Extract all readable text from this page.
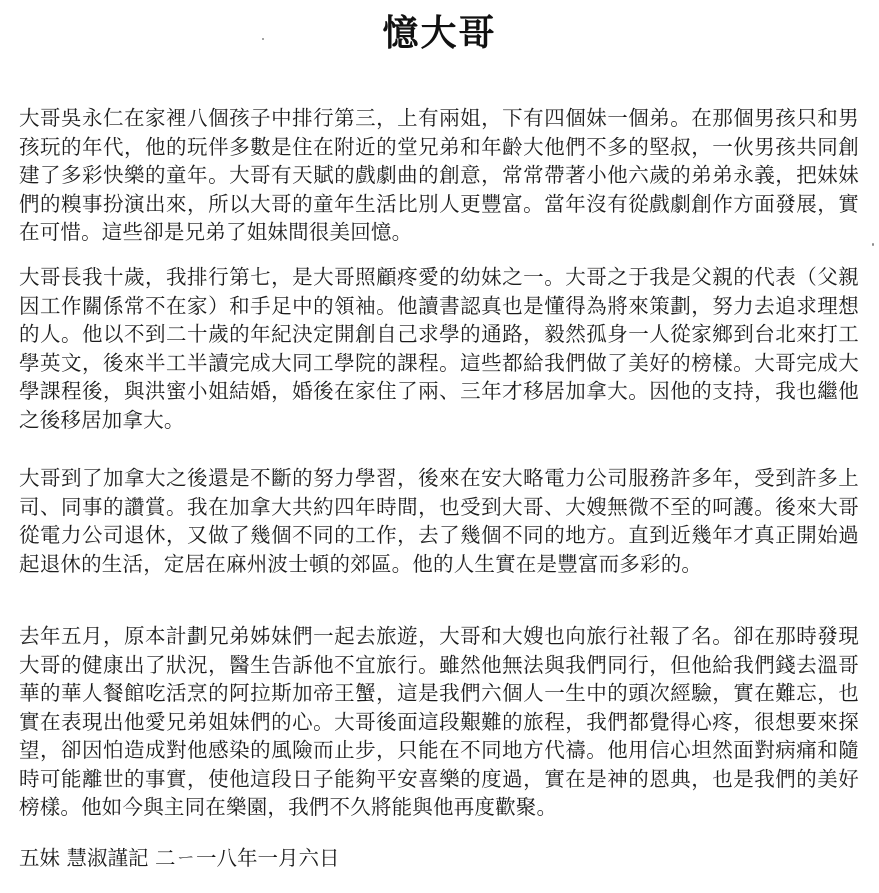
憶大哥
大哥吳永仁在家裡八個孩子中排行第三，上有兩姐，下有四個妹一個弟。在那個男孩只和男孩玩的年代，他的玩伴多數是住在附近的堂兄弟和年齡大他們不多的堅叔，一伙男孩共同創建了多彩快樂的童年。大哥有天賦的戲劇曲的創意，常常帶著小他六歲的弟弟永義，把妹妹們的糗事扮演出來，所以大哥的童年生活比別人更豐富。當年沒有從戲劇創作方面發展，實在可惜。這些卻是兄弟了姐妹間很美回憶。
大哥長我十歲，我排行第七，是大哥照顧疼愛的幼妹之一。大哥之于我是父親的代表（父親因工作關係常不在家）和手足中的領袖。他讀書認真也是懂得為將來策劃，努力去追求理想的人。他以不到二十歲的年紀決定開創自己求學的通路，毅然孤身一人從家鄉到台北來打工學英文，後來半工半讀完成大同工學院的課程。這些都給我們做了美好的榜樣。大哥完成大學課程後，與洪蜜小姐結婚，婚後在家住了兩、三年才移居加拿大。因他的支持，我也繼他之後移居加拿大。
大哥到了加拿大之後還是不斷的努力學習，後來在安大略電力公司服務許多年，受到許多上司、同事的讚賞。我在加拿大共約四年時間，也受到大哥、大嫂無微不至的呵護。後來大哥從電力公司退休，又做了幾個不同的工作，去了幾個不同的地方。直到近幾年才真正開始過起退休的生活，定居在麻州波士頓的郊區。他的人生實在是豐富而多彩的。
去年五月，原本計劃兄弟姊妹們一起去旅遊，大哥和大嫂也向旅行社報了名。卻在那時發現大哥的健康出了狀況，醫生告訴他不宜旅行。雖然他無法與我們同行，但他給我們錢去溫哥華的華人餐館吃活烹的阿拉斯加帝王蟹，這是我們六個人一生中的頭次經驗，實在難忘，也實在表現出他愛兄弟姐妹們的心。大哥後面這段艱難的旅程，我們都覺得心疼，很想要來探望，卻因怕造成對他感染的風險而止步，只能在不同地方代禱。他用信心坦然面對病痛和隨時可能離世的事實，使他這段日子能夠平安喜樂的度過，實在是神的恩典，也是我們的美好榜樣。他如今與主同在樂園，我們不久將能與他再度歡聚。
五妹 慧淑謹記 二ㄧ一八年一月六日
